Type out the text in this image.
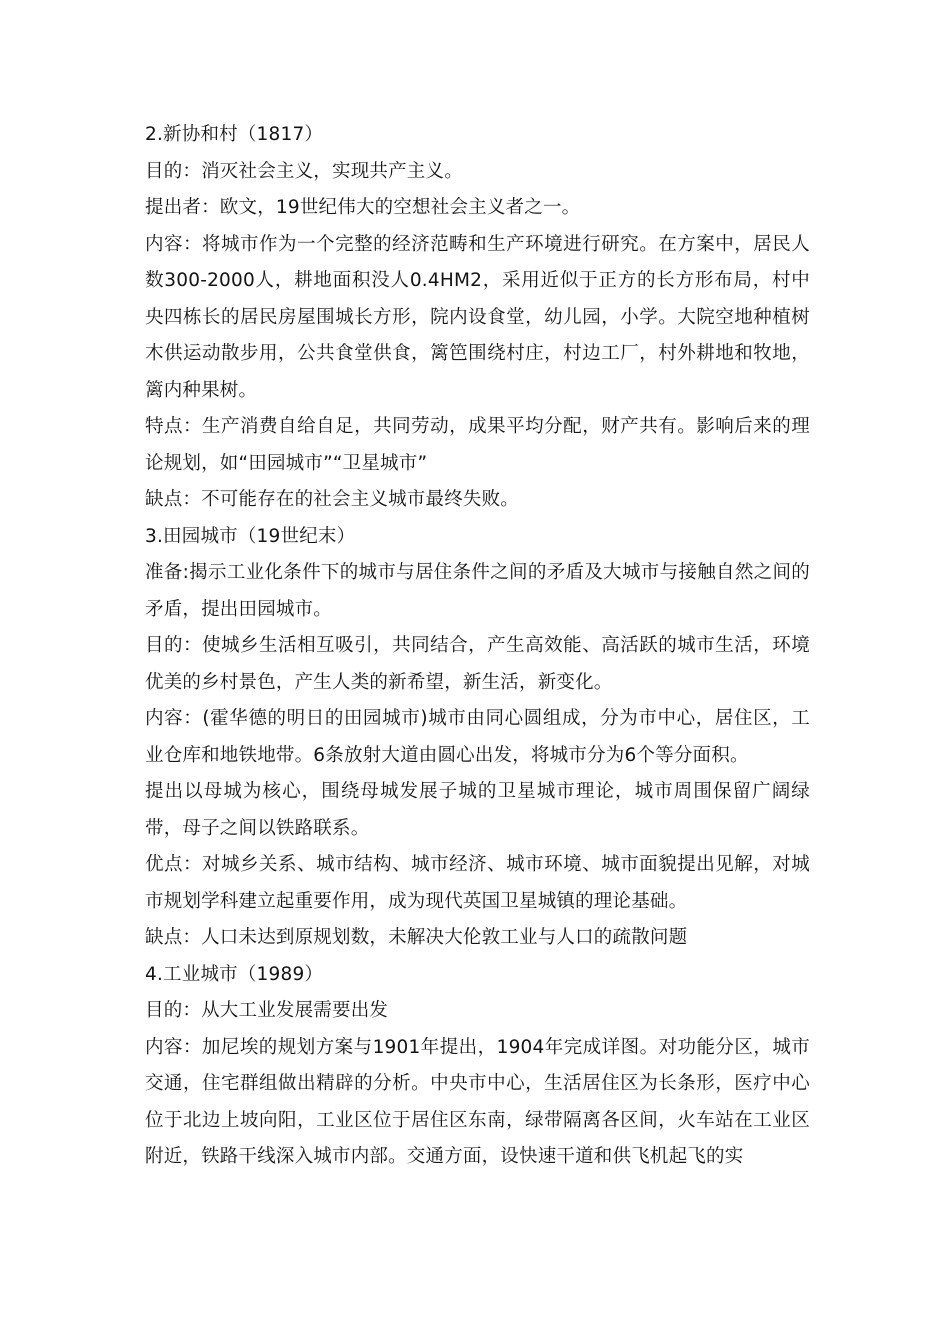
2.新协和村（1817）

目的：消灭社会主义，实现共产主义。

提出者：欧文，19世纪伟大的空想社会主义者之一。

内容：将城市作为一个完整的经济范畴和生产环境进行研究。在方案中，居民人数300-2000人，耕地面积没人0.4HM2，采用近似于正方的长方形布局，村中央四栋长的居民房屋围城长方形，院内设食堂，幼儿园，小学。大院空地种植树木供运动散步用，公共食堂供食，篱笆围绕村庄，村边工厂，村外耕地和牧地，篱内种果树。

特点：生产消费自给自足，共同劳动，成果平均分配，财产共有。影响后来的理论规划，如“田园城市”“卫星城市”

缺点：不可能存在的社会主义城市最终失败。

3.田园城市（19世纪末）

准备:揭示工业化条件下的城市与居住条件之间的矛盾及大城市与接触自然之间的矛盾，提出田园城市。

目的：使城乡生活相互吸引，共同结合，产生高效能、高活跃的城市生活，环境优美的乡村景色，产生人类的新希望，新生活，新变化。

内容：(霍华德的明日的田园城市)城市由同心圆组成，分为市中心，居住区，工业仓库和地铁地带。6条放射大道由圆心出发，将城市分为6个等分面积。

提出以母城为核心，围绕母城发展子城的卫星城市理论，城市周围保留广阔绿带，母子之间以铁路联系。

优点：对城乡关系、城市结构、城市经济、城市环境、城市面貌提出见解，对城市规划学科建立起重要作用，成为现代英国卫星城镇的理论基础。

缺点：人口未达到原规划数，未解决大伦敦工业与人口的疏散问题

4.工业城市（1989）

目的：从大工业发展需要出发

内容：加尼埃的规划方案与1901年提出，1904年完成详图。对功能分区，城市交通，住宅群组做出精辟的分析。中央市中心，生活居住区为长条形，医疗中心位于北边上坡向阳，工业区位于居住区东南，绿带隔离各区间，火车站在工业区附近，铁路干线深入城市内部。交通方面，设快速干道和供飞机起飞的实
